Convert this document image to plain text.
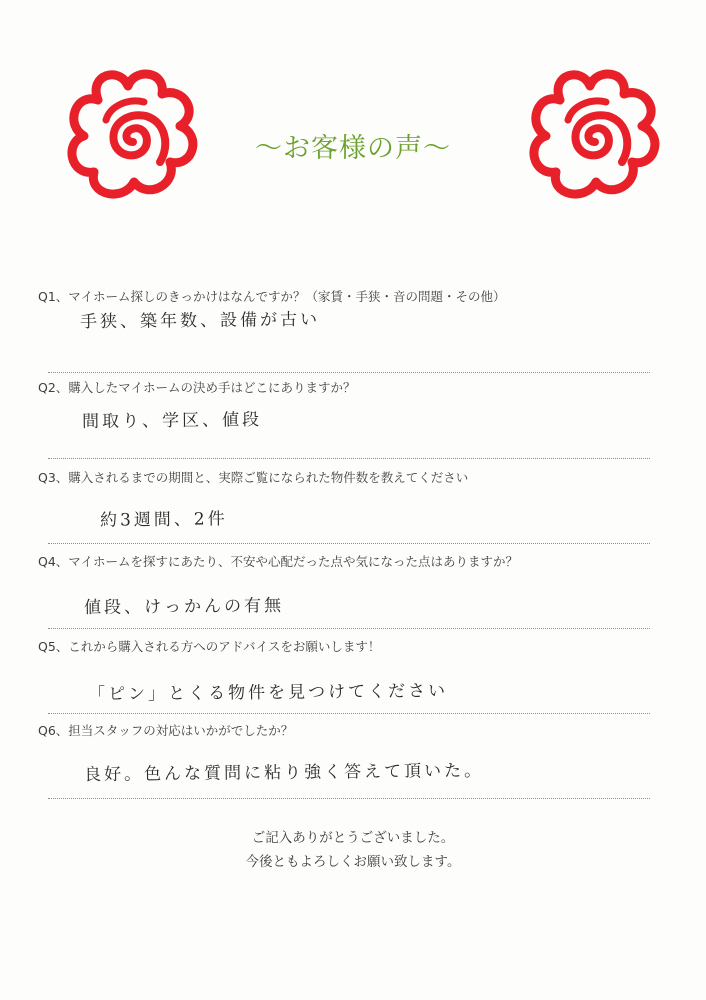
～お客様の声～
Q1、マイホーム探しのきっかけはなんですか？（家賃・手狭・音の問題・その他）
手狭、築年数、設備が古い
Q2、購入したマイホームの決め手はどこにありますか？
間取り、学区、値段
Q3、購入されるまでの期間と、実際ご覧になられた物件数を教えてください
約3週間、2件
Q4、マイホームを探すにあたり、不安や心配だった点や気になった点はありますか？
値段、けっかんの有無
Q5、これから購入される方へのアドバイスをお願いします！
「ピン」とくる物件を見つけてください
Q6、担当スタッフの対応はいかがでしたか？
良好。色んな質問に粘り強く答えて頂いた。
ご記入ありがとうございました。
今後ともよろしくお願い致します。
